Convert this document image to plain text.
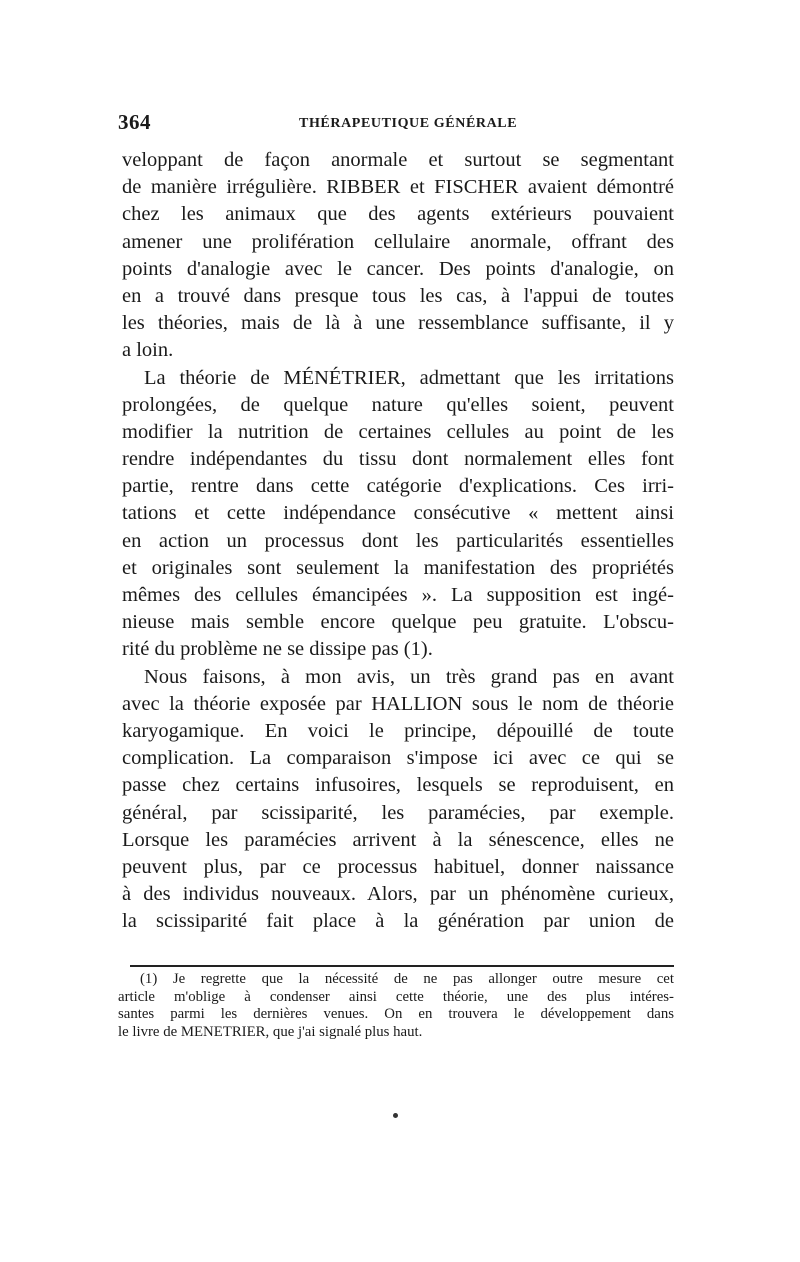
364	THÉRAPEUTIQUE GÉNÉRALE
veloppant de façon anormale et surtout se segmentant
de manière irrégulière. RIBBER et FISCHER avaient démontré
chez les animaux que des agents extérieurs pouvaient
amener une prolifération cellulaire anormale, offrant des
points d'analogie avec le cancer. Des points d'analogie, on
en a trouvé dans presque tous les cas, à l'appui de toutes
les théories, mais de là à une ressemblance suffisante, il y
a loin.
La théorie de MÉNÉTRIER, admettant que les irritations
prolongées, de quelque nature qu'elles soient, peuvent
modifier la nutrition de certaines cellules au point de les
rendre indépendantes du tissu dont normalement elles font
partie, rentre dans cette catégorie d'explications. Ces irri-
tations et cette indépendance consécutive « mettent ainsi
en action un processus dont les particularités essentielles
et originales sont seulement la manifestation des propriétés
mêmes des cellules émancipées ». La supposition est ingé-
nieuse mais semble encore quelque peu gratuite. L'obscu-
rité du problème ne se dissipe pas (1).
Nous faisons, à mon avis, un très grand pas en avant
avec la théorie exposée par HALLION sous le nom de théorie
karyogamique. En voici le principe, dépouillé de toute
complication. La comparaison s'impose ici avec ce qui se
passe chez certains infusoires, lesquels se reproduisent, en
général, par scissiparité, les paramécies, par exemple.
Lorsque les paramécies arrivent à la sénescence, elles ne
peuvent plus, par ce processus habituel, donner naissance
à des individus nouveaux. Alors, par un phénomène curieux,
la scissiparité fait place à la génération par union de
(1) Je regrette que la nécessité de ne pas allonger outre mesure cet
article m'oblige à condenser ainsi cette théorie, une des plus intéres-
santes parmi les dernières venues. On en trouvera le développement dans
le livre de MENETRIER, que j'ai signalé plus haut.
